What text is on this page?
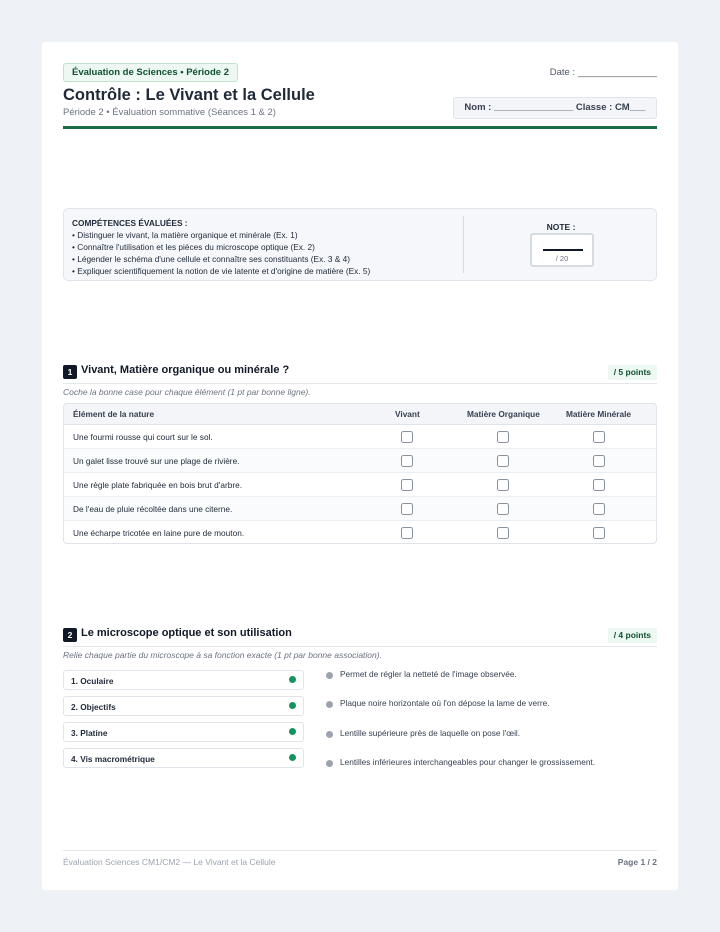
Évaluation de Sciences • Période 2	Date : _______________
Contrôle : Le Vivant et la Cellule
Période 2 • Évaluation sommative (Séances 1 & 2)	Nom : _______________ Classe : CM___
COMPÉTENCES ÉVALUÉES :
• Distinguer le vivant, la matière organique et minérale (Ex. 1)
• Connaître l'utilisation et les pièces du microscope optique (Ex. 2)
• Légender le schéma d'une cellule et connaître ses constituants (Ex. 3 & 4)
• Expliquer scientifiquement la notion de vie latente et d'origine de matière (Ex. 5)
NOTE :
/ 20
1 Vivant, Matière organique ou minérale ?	/ 5 points
Coche la bonne case pour chaque élément (1 pt par bonne ligne).
Élément de la nature	Vivant	Matière Organique	Matière Minérale
Une fourmi rousse qui court sur le sol.
Un galet lisse trouvé sur une plage de rivière.
Une règle plate fabriquée en bois brut d'arbre.
De l'eau de pluie récoltée dans une citerne.
Une écharpe tricotée en laine pure de mouton.
2 Le microscope optique et son utilisation	/ 4 points
Relie chaque partie du microscope à sa fonction exacte (1 pt par bonne association).
1. Oculaire
2. Objectifs
3. Platine
4. Vis macrométrique
Permet de régler la netteté de l'image observée.
Plaque noire horizontale où l'on dépose la lame de verre.
Lentille supérieure près de laquelle on pose l'œil.
Lentilles inférieures interchangeables pour changer le grossissement.
Évaluation Sciences CM1/CM2 — Le Vivant et la Cellule	Page 1 / 2
